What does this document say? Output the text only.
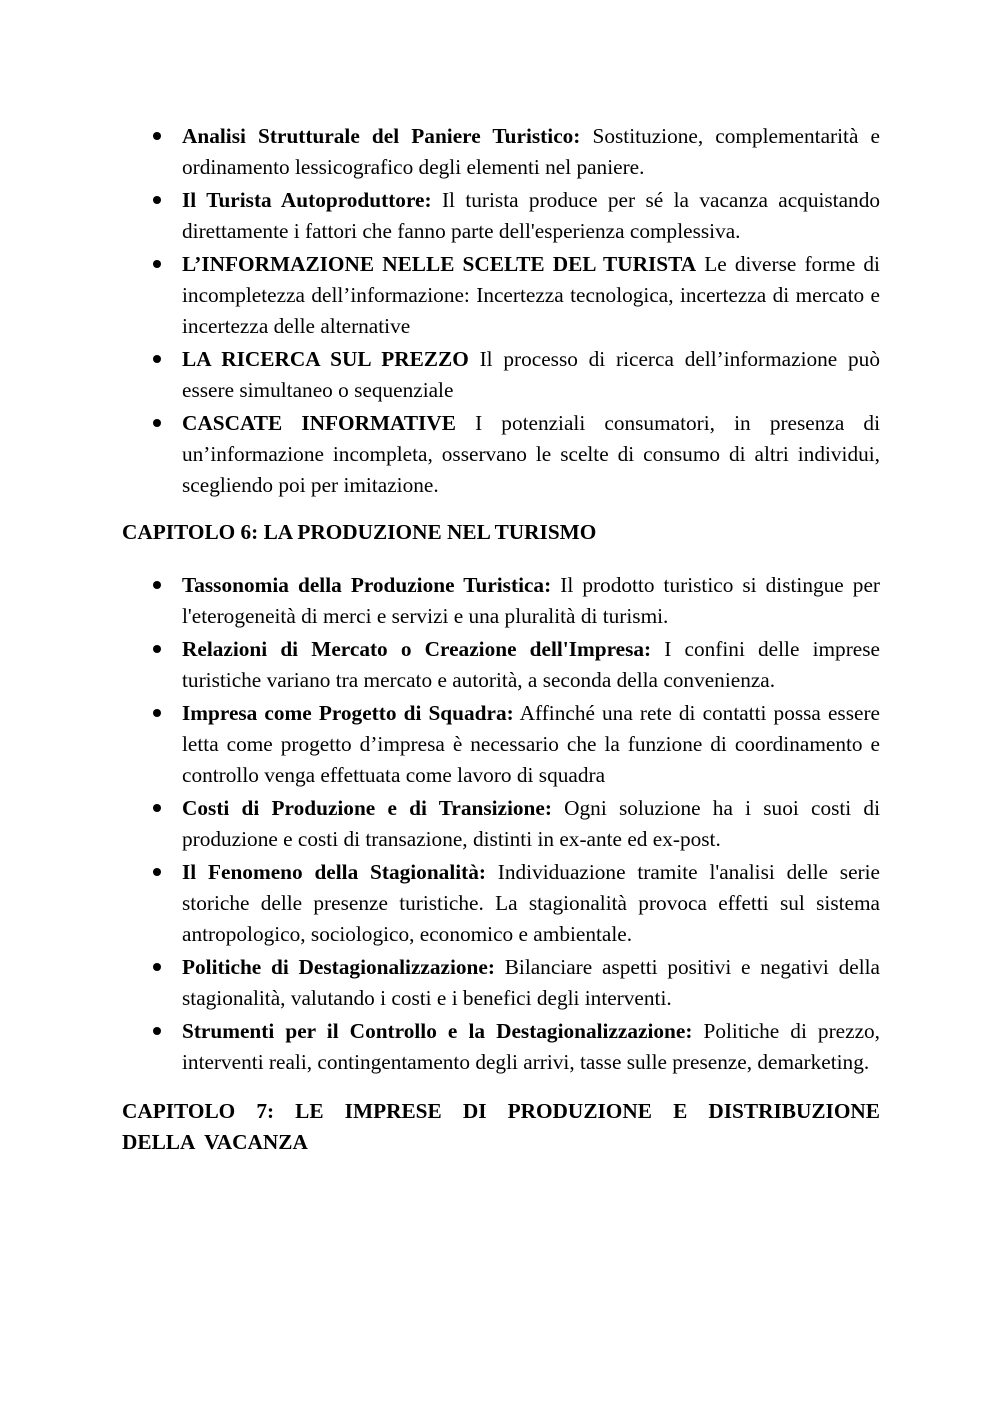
Analisi Strutturale del Paniere Turistico: Sostituzione, complementarità e ordinamento lessicografico degli elementi nel paniere.
Il Turista Autoproduttore: Il turista produce per sé la vacanza acquistando direttamente i fattori che fanno parte dell'esperienza complessiva.
L’INFORMAZIONE NELLE SCELTE DEL TURISTA Le diverse forme di incompletezza dell’informazione: Incertezza tecnologica, incertezza di mercato e incertezza delle alternative
LA RICERCA SUL PREZZO Il processo di ricerca dell’informazione può essere simultaneo o sequenziale
CASCATE INFORMATIVE I potenziali consumatori, in presenza di un’informazione incompleta, osservano le scelte di consumo di altri individui, scegliendo poi per imitazione.
CAPITOLO 6: LA PRODUZIONE NEL TURISMO
Tassonomia della Produzione Turistica: Il prodotto turistico si distingue per l'eterogeneità di merci e servizi e una pluralità di turismi.
Relazioni di Mercato o Creazione dell'Impresa: I confini delle imprese turistiche variano tra mercato e autorità, a seconda della convenienza.
Impresa come Progetto di Squadra: Affinché una rete di contatti possa essere letta come progetto d’impresa è necessario che la funzione di coordinamento e controllo venga effettuata come lavoro di squadra
Costi di Produzione e di Transizione: Ogni soluzione ha i suoi costi di produzione e costi di transazione, distinti in ex-ante ed ex-post.
Il Fenomeno della Stagionalità: Individuazione tramite l'analisi delle serie storiche delle presenze turistiche. La stagionalità provoca effetti sul sistema antropologico, sociologico, economico e ambientale.
Politiche di Destagionalizzazione: Bilanciare aspetti positivi e negativi della stagionalità, valutando i costi e i benefici degli interventi.
Strumenti per il Controllo e la Destagionalizzazione: Politiche di prezzo, interventi reali, contingentamento degli arrivi, tasse sulle presenze, demarketing.
CAPITOLO 7: LE IMPRESE DI PRODUZIONE E DISTRIBUZIONE DELLA VACANZA
